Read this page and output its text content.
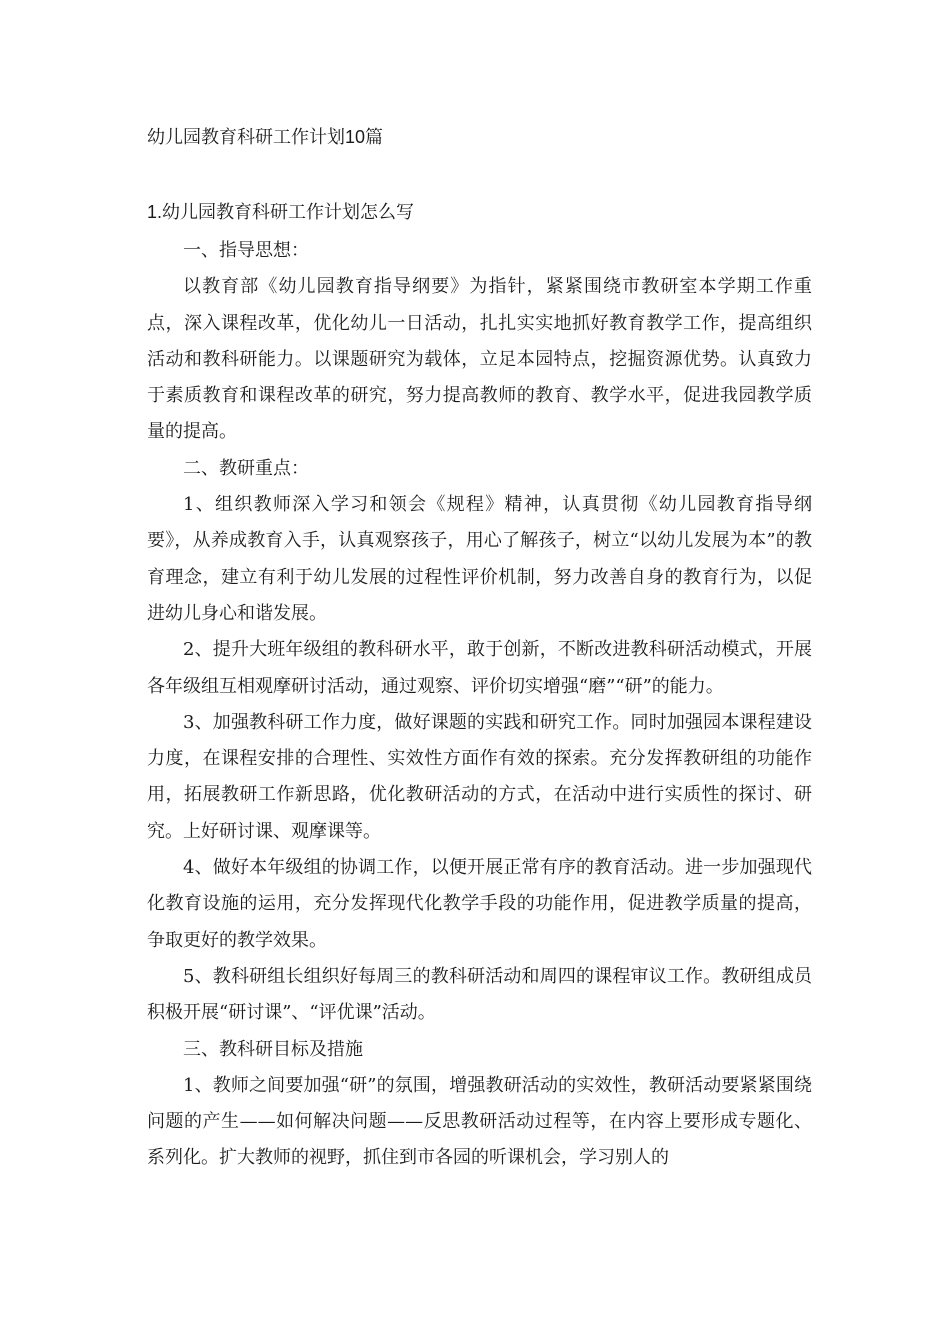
幼儿园教育科研工作计划10篇
1.幼儿园教育科研工作计划怎么写

一、指导思想：

以教育部《幼儿园教育指导纲要》为指针，紧紧围绕市教研室本学期工作重点，深入课程改革，优化幼儿一日活动，扎扎实实地抓好教育教学工作，提高组织活动和教科研能力。以课题研究为载体，立足本园特点，挖掘资源优势。认真致力于素质教育和课程改革的研究，努力提高教师的教育、教学水平，促进我园教学质量的提高。

二、教研重点：

1、组织教师深入学习和领会《规程》精神，认真贯彻《幼儿园教育指导纲要》，从养成教育入手，认真观察孩子，用心了解孩子，树立“以幼儿发展为本”的教育理念，建立有利于幼儿发展的过程性评价机制，努力改善自身的教育行为，以促进幼儿身心和谐发展。

2、提升大班年级组的教科研水平，敢于创新，不断改进教科研活动模式，开展各年级组互相观摩研讨活动，通过观察、评价切实增强“磨”“研”的能力。

3、加强教科研工作力度，做好课题的实践和研究工作。同时加强园本课程建设力度，在课程安排的合理性、实效性方面作有效的探索。充分发挥教研组的功能作用，拓展教研工作新思路，优化教研活动的方式，在活动中进行实质性的探讨、研究。上好研讨课、观摩课等。

4、做好本年级组的协调工作，以便开展正常有序的教育活动。进一步加强现代化教育设施的运用，充分发挥现代化教学手段的功能作用，促进教学质量的提高，争取更好的教学效果。

5、教科研组长组织好每周三的教科研活动和周四的课程审议工作。教研组成员积极开展“研讨课”、“评优课”活动。

三、教科研目标及措施

1、教师之间要加强“研”的氛围，增强教研活动的实效性，教研活动要紧紧围绕问题的产生——如何解决问题——反思教研活动过程等，在内容上要形成专题化、系列化。扩大教师的视野，抓住到市各园的听课机会，学习别人的
